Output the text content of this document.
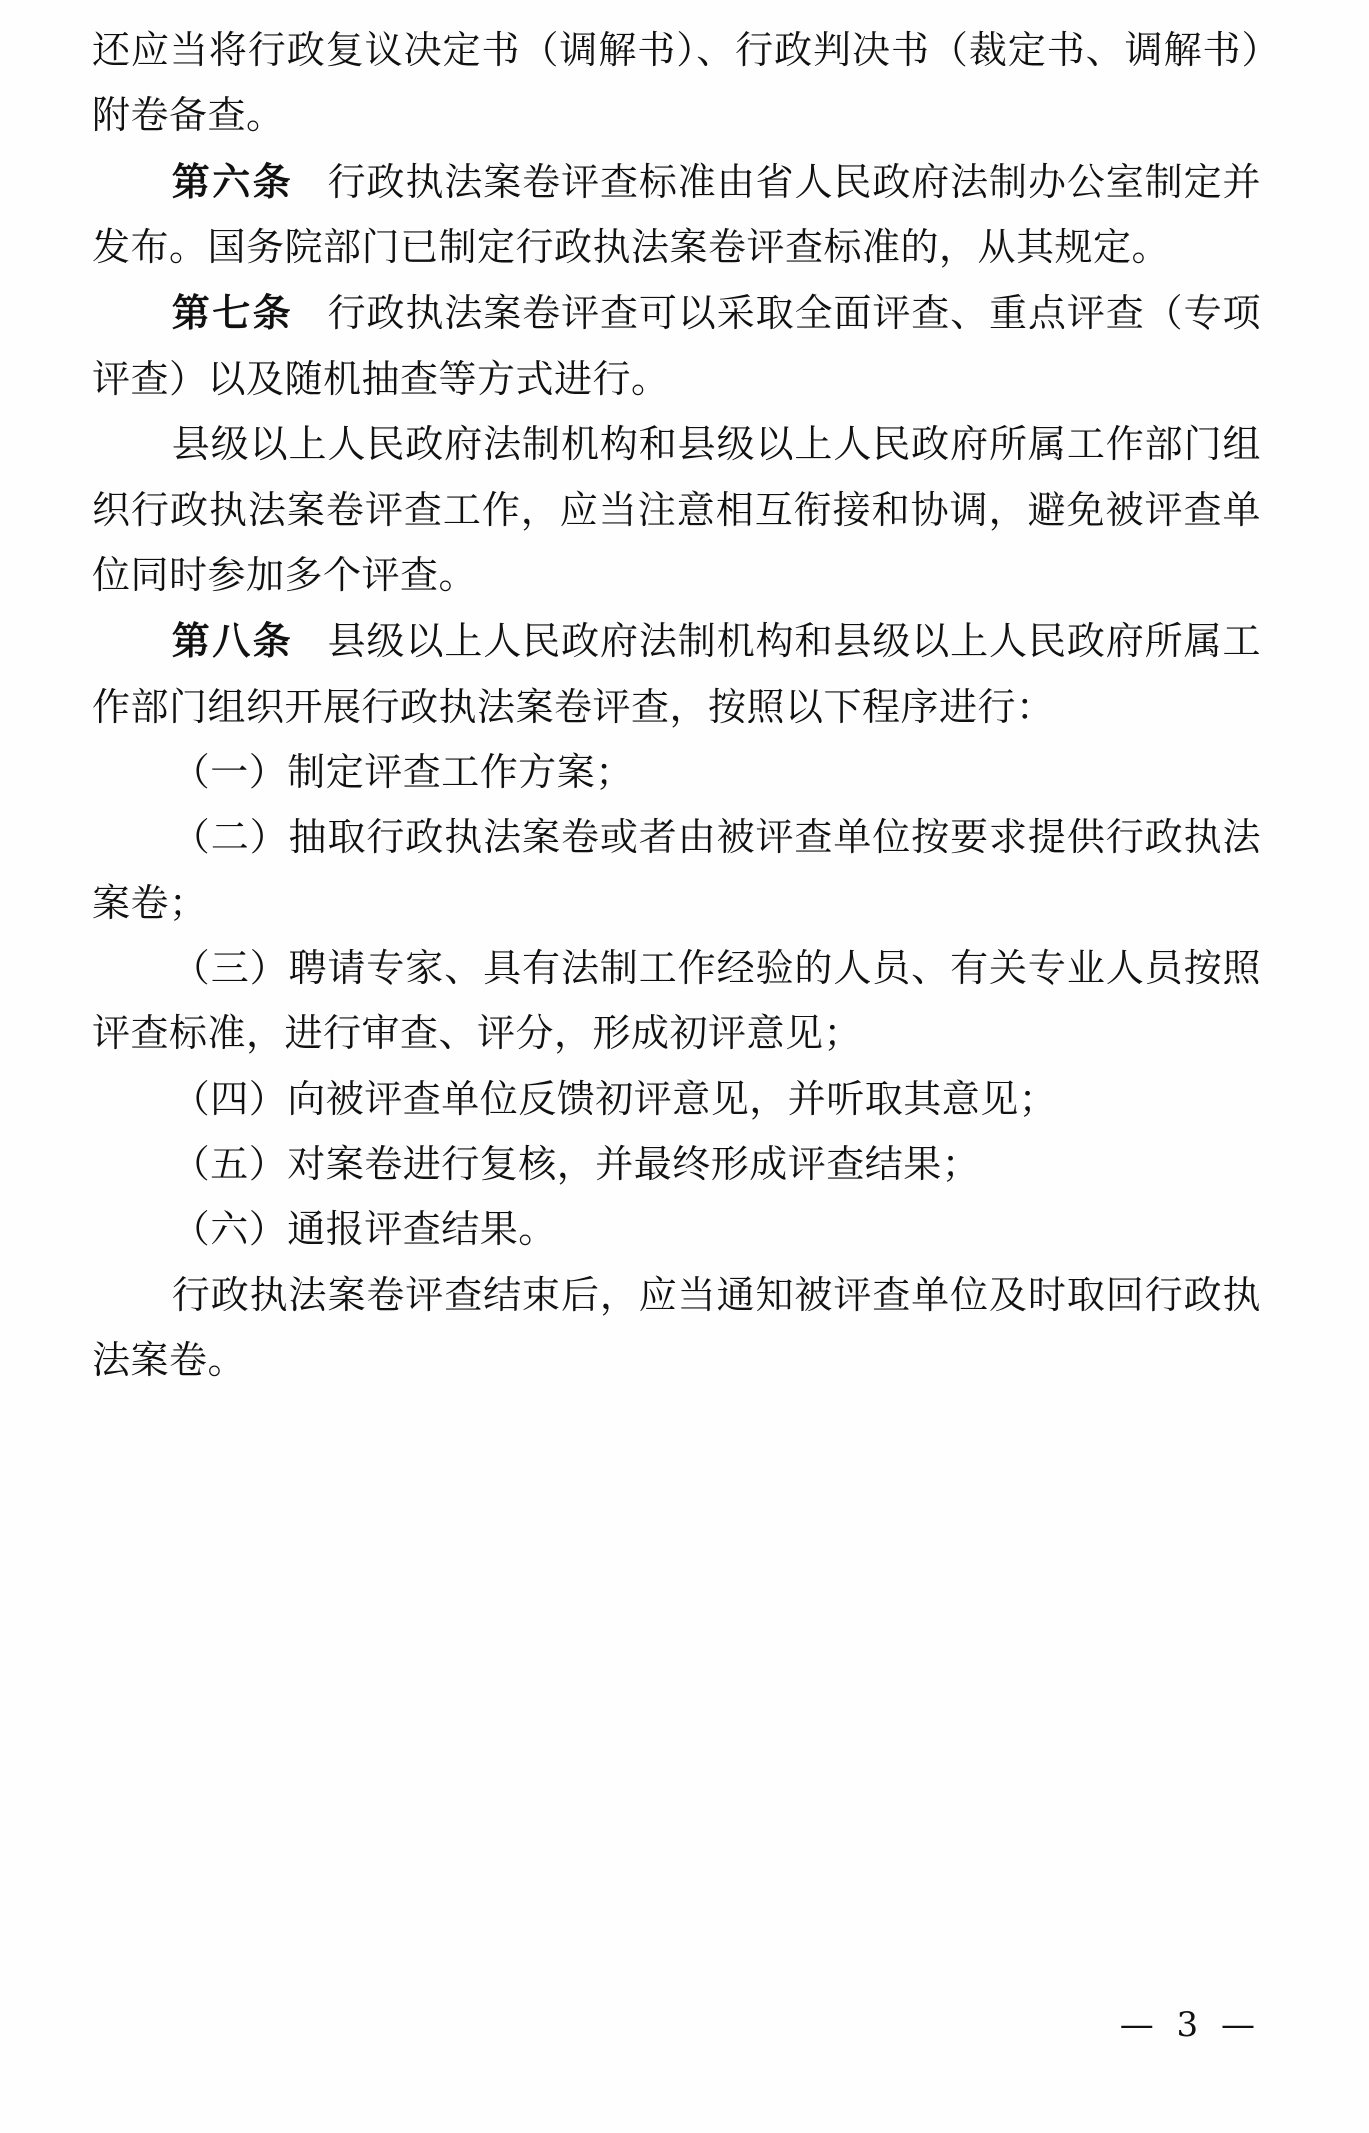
还应当将行政复议决定书（调解书）、行政判决书（裁定书、调解书）附卷备查。

第六条 行政执法案卷评查标准由省人民政府法制办公室制定并发布。国务院部门已制定行政执法案卷评查标准的，从其规定。

第七条 行政执法案卷评查可以采取全面评查、重点评查（专项评查）以及随机抽查等方式进行。

县级以上人民政府法制机构和县级以上人民政府所属工作部门组织行政执法案卷评查工作，应当注意相互衔接和协调，避免被评查单位同时参加多个评查。

第八条 县级以上人民政府法制机构和县级以上人民政府所属工作部门组织开展行政执法案卷评查，按照以下程序进行：

（一）制定评查工作方案；

（二）抽取行政执法案卷或者由被评查单位按要求提供行政执法案卷；

（三）聘请专家、具有法制工作经验的人员、有关专业人员按照评查标准，进行审查、评分，形成初评意见；

（四）向被评查单位反馈初评意见，并听取其意见；

（五）对案卷进行复核，并最终形成评查结果；

（六）通报评查结果。

行政执法案卷评查结束后，应当通知被评查单位及时取回行政执法案卷。

— 3 —
